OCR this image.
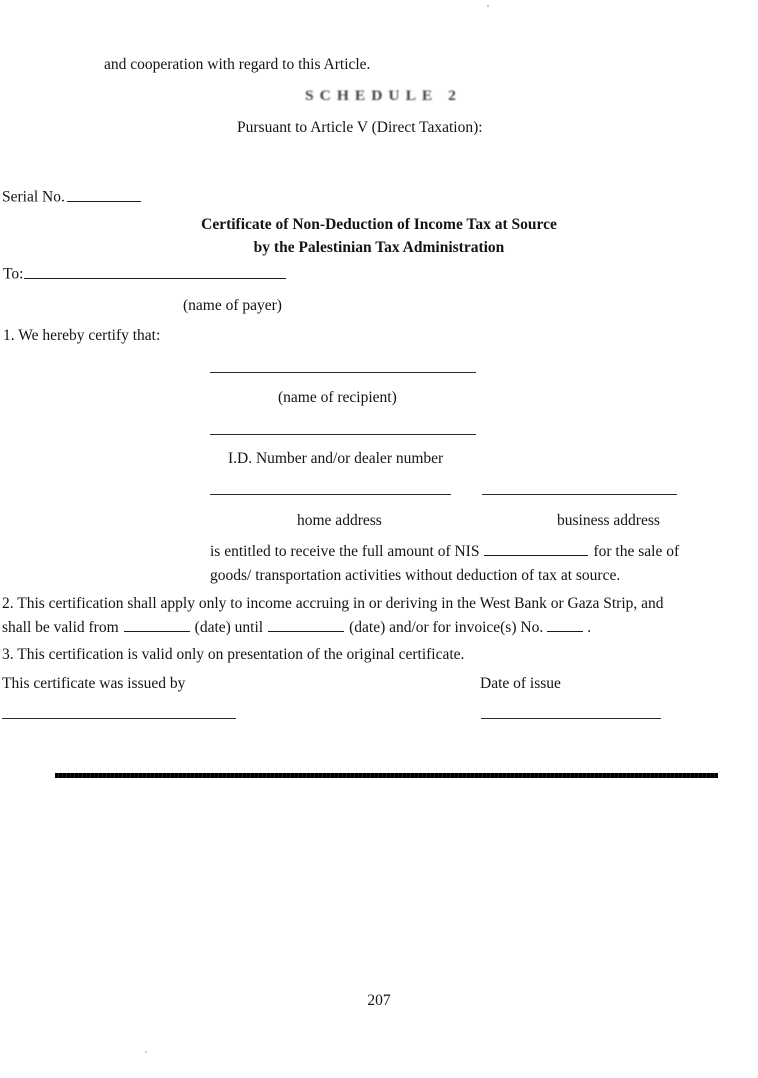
and cooperation with regard to this Article.
SCHEDULE 2
Pursuant to Article V (Direct Taxation):
Serial No.
Certificate of Non-Deduction of Income Tax at Source
by the Palestinian Tax Administration
To:
(name of payer)
1. We hereby certify that:
(name of recipient)
I.D. Number and/or dealer number
home address	business address
is entitled to receive the full amount of NIS	for the sale of
goods/ transportation activities without deduction of tax at source.
2. This certification shall apply only to income accruing in or deriving in the West Bank or Gaza Strip, and
shall be valid from	(date) until	(date) and/or for invoice(s) No.	.
3. This certification is valid only on presentation of the original certificate.
This certificate was issued by	Date of issue
207
